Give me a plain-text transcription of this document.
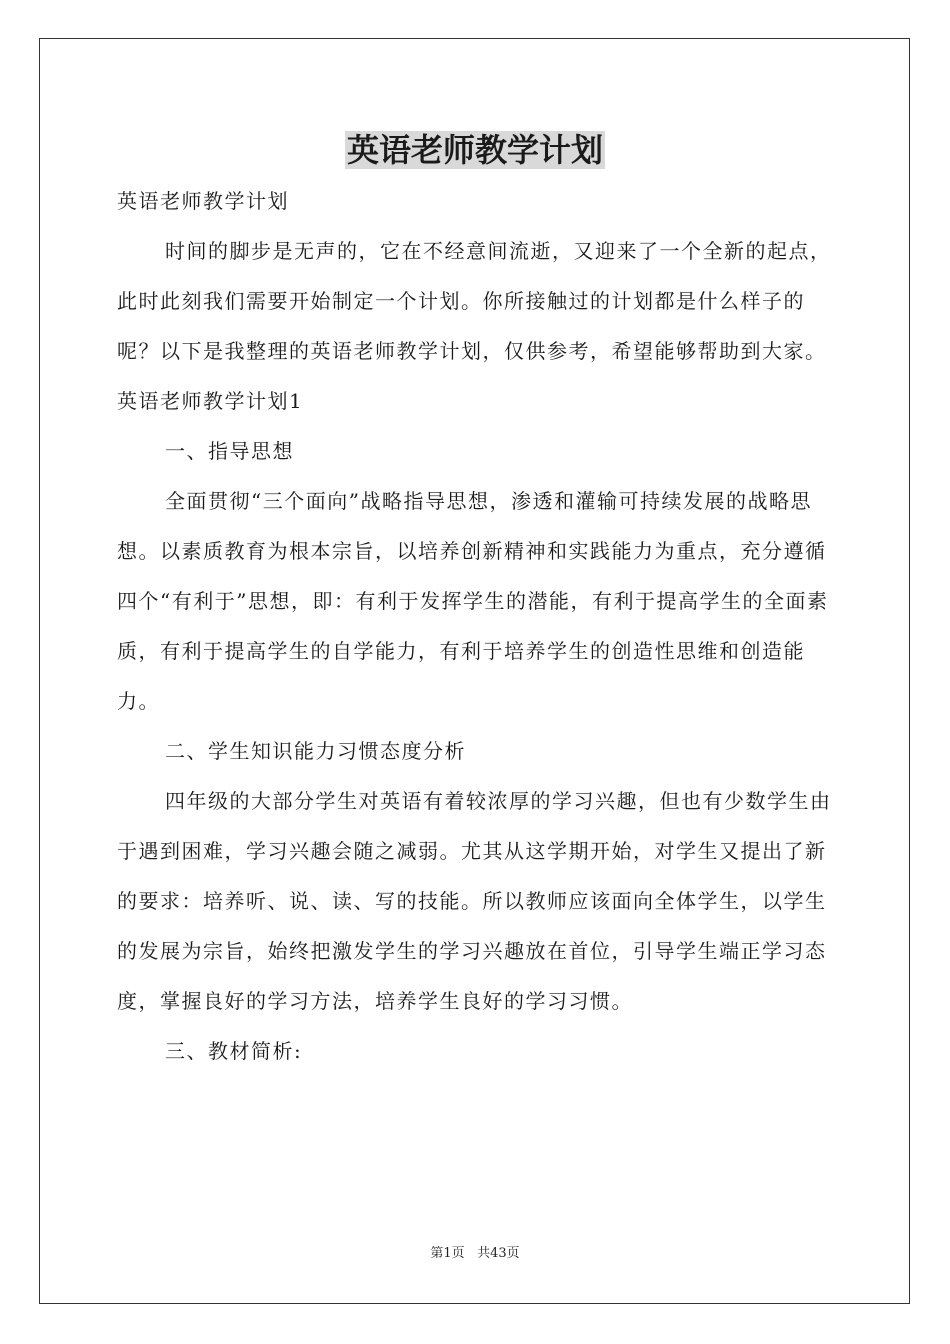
英语老师教学计划

英语老师教学计划

时间的脚步是无声的，它在不经意间流逝，又迎来了一个全新的起点，此时此刻我们需要开始制定一个计划。你所接触过的计划都是什么样子的呢？以下是我整理的英语老师教学计划，仅供参考，希望能够帮助到大家。

英语老师教学计划1

一、指导思想

全面贯彻“三个面向”战略指导思想，渗透和灌输可持续发展的战略思想。以素质教育为根本宗旨，以培养创新精神和实践能力为重点，充分遵循四个“有利于”思想，即：有利于发挥学生的潜能，有利于提高学生的全面素质，有利于提高学生的自学能力，有利于培养学生的创造性思维和创造能力。

二、学生知识能力习惯态度分析

四年级的大部分学生对英语有着较浓厚的学习兴趣，但也有少数学生由于遇到困难，学习兴趣会随之减弱。尤其从这学期开始，对学生又提出了新的要求：培养听、说、读、写的技能。所以教师应该面向全体学生，以学生的发展为宗旨，始终把激发学生的学习兴趣放在首位，引导学生端正学习态度，掌握良好的学习方法，培养学生良好的学习习惯。

三、教材简析:

第1页 共43页
